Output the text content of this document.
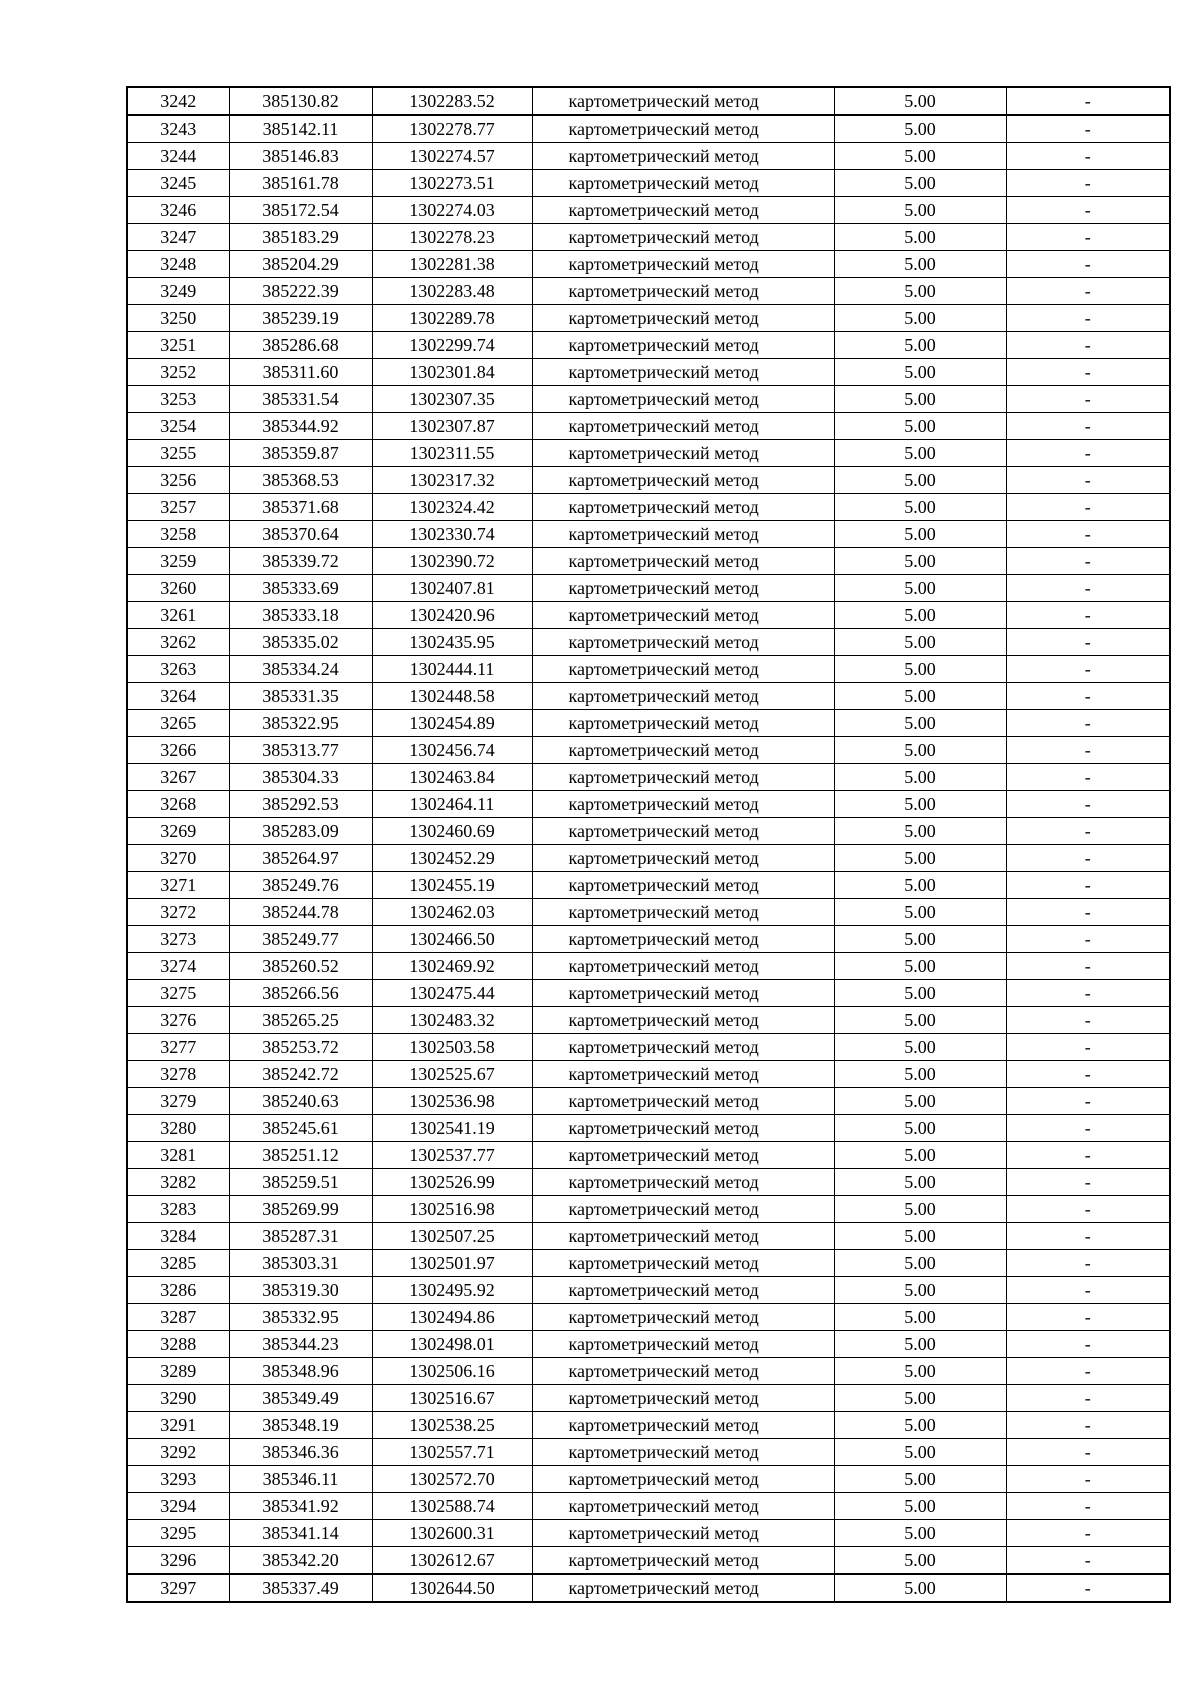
3242	385130.82	1302283.52	картометрический метод	5.00	-
3243	385142.11	1302278.77	картометрический метод	5.00	-
3244	385146.83	1302274.57	картометрический метод	5.00	-
3245	385161.78	1302273.51	картометрический метод	5.00	-
3246	385172.54	1302274.03	картометрический метод	5.00	-
3247	385183.29	1302278.23	картометрический метод	5.00	-
3248	385204.29	1302281.38	картометрический метод	5.00	-
3249	385222.39	1302283.48	картометрический метод	5.00	-
3250	385239.19	1302289.78	картометрический метод	5.00	-
3251	385286.68	1302299.74	картометрический метод	5.00	-
3252	385311.60	1302301.84	картометрический метод	5.00	-
3253	385331.54	1302307.35	картометрический метод	5.00	-
3254	385344.92	1302307.87	картометрический метод	5.00	-
3255	385359.87	1302311.55	картометрический метод	5.00	-
3256	385368.53	1302317.32	картометрический метод	5.00	-
3257	385371.68	1302324.42	картометрический метод	5.00	-
3258	385370.64	1302330.74	картометрический метод	5.00	-
3259	385339.72	1302390.72	картометрический метод	5.00	-
3260	385333.69	1302407.81	картометрический метод	5.00	-
3261	385333.18	1302420.96	картометрический метод	5.00	-
3262	385335.02	1302435.95	картометрический метод	5.00	-
3263	385334.24	1302444.11	картометрический метод	5.00	-
3264	385331.35	1302448.58	картометрический метод	5.00	-
3265	385322.95	1302454.89	картометрический метод	5.00	-
3266	385313.77	1302456.74	картометрический метод	5.00	-
3267	385304.33	1302463.84	картометрический метод	5.00	-
3268	385292.53	1302464.11	картометрический метод	5.00	-
3269	385283.09	1302460.69	картометрический метод	5.00	-
3270	385264.97	1302452.29	картометрический метод	5.00	-
3271	385249.76	1302455.19	картометрический метод	5.00	-
3272	385244.78	1302462.03	картометрический метод	5.00	-
3273	385249.77	1302466.50	картометрический метод	5.00	-
3274	385260.52	1302469.92	картометрический метод	5.00	-
3275	385266.56	1302475.44	картометрический метод	5.00	-
3276	385265.25	1302483.32	картометрический метод	5.00	-
3277	385253.72	1302503.58	картометрический метод	5.00	-
3278	385242.72	1302525.67	картометрический метод	5.00	-
3279	385240.63	1302536.98	картометрический метод	5.00	-
3280	385245.61	1302541.19	картометрический метод	5.00	-
3281	385251.12	1302537.77	картометрический метод	5.00	-
3282	385259.51	1302526.99	картометрический метод	5.00	-
3283	385269.99	1302516.98	картометрический метод	5.00	-
3284	385287.31	1302507.25	картометрический метод	5.00	-
3285	385303.31	1302501.97	картометрический метод	5.00	-
3286	385319.30	1302495.92	картометрический метод	5.00	-
3287	385332.95	1302494.86	картометрический метод	5.00	-
3288	385344.23	1302498.01	картометрический метод	5.00	-
3289	385348.96	1302506.16	картометрический метод	5.00	-
3290	385349.49	1302516.67	картометрический метод	5.00	-
3291	385348.19	1302538.25	картометрический метод	5.00	-
3292	385346.36	1302557.71	картометрический метод	5.00	-
3293	385346.11	1302572.70	картометрический метод	5.00	-
3294	385341.92	1302588.74	картометрический метод	5.00	-
3295	385341.14	1302600.31	картометрический метод	5.00	-
3296	385342.20	1302612.67	картометрический метод	5.00	-
3297	385337.49	1302644.50	картометрический метод	5.00	-
